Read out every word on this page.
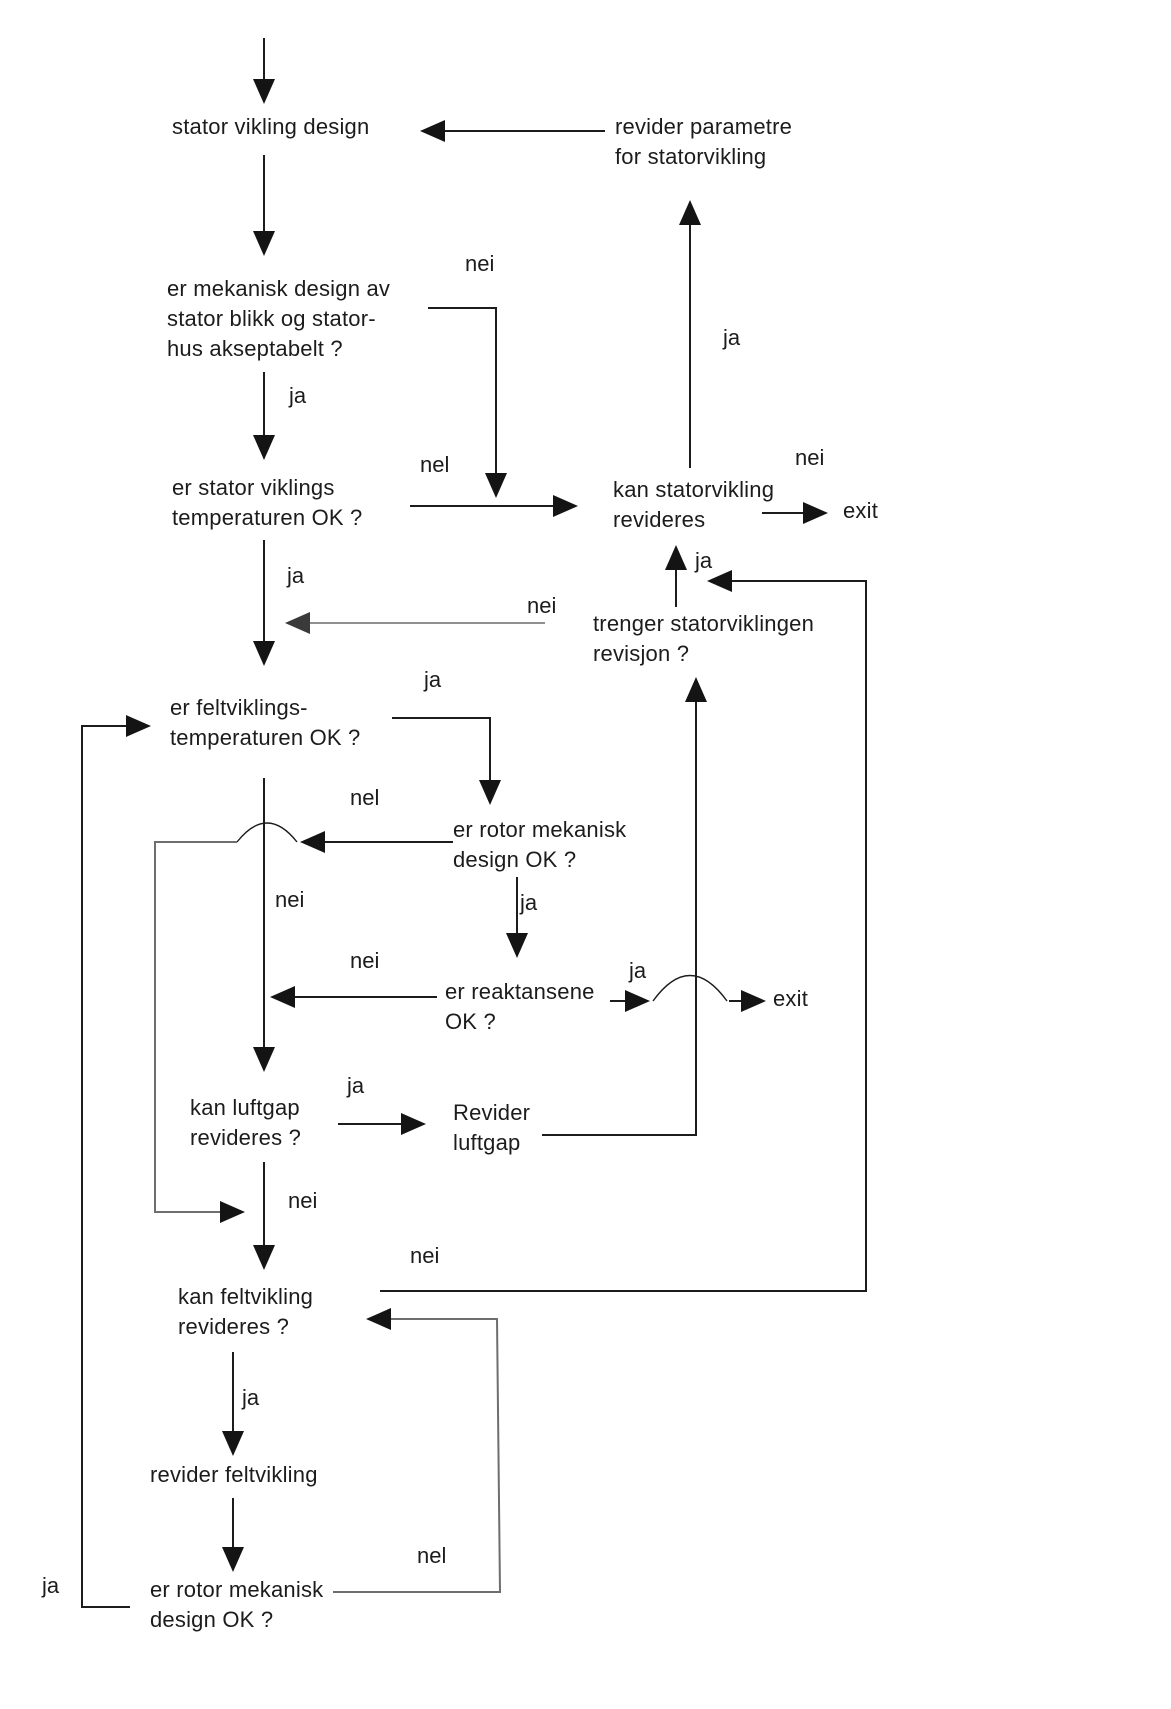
stator vikling design	revider parametre
for statorvikling
er mekanisk design av
stator blikk og stator-
hus akseptabelt ?
er stator viklings
temperaturen OK ?
kan statorvikling
revideres	exit
trenger statorviklingen
revisjon ?
er feltviklings-
temperaturen OK ?
er rotor mekanisk
design OK ?
er reaktansene
OK ?
exit
kan luftgap
revideres ?
Revider
luftgap
kan feltvikling
revideres ?
revider feltvikling
er rotor mekanisk
design OK ?
nei
ja
nel	nei
ja
ja
nei
ja
ja
nel
nei	ja
nei	ja
ja
nei
nei
ja
nel
ja
